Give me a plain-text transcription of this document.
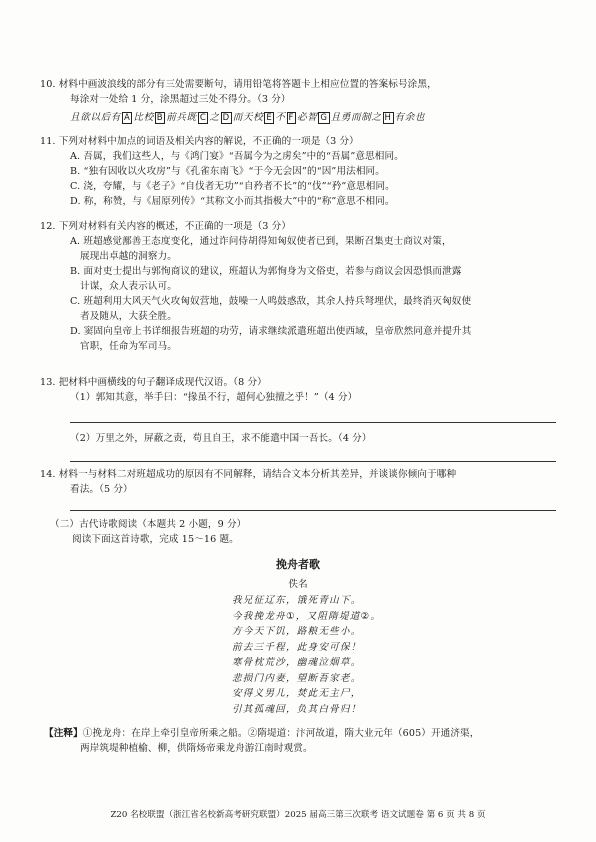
10. 材料中画波浪线的部分有三处需要断句，请用铅笔将答题卡上相应位置的答案标号涂黑，
每涂对一处给 1 分，涂黑超过三处不得分。（3 分）
且欲以后有 A 比校 B 前兵既 C 之 D 而天校 E 不 F 必智 G 且勇而制之 H 有余也
11. 下列对材料中加点的词语及相关内容的解说，不正确的一项是（3 分）
A. 吾属，我们这些人，与《鸿门宴》“吾属今为之虏矣”中的“吾属”意思相同。
B. “独有因收以火攻房”与《孔雀东南飞》“于今无会因”的“因”用法相同。
C. 浇，夸耀，与《老子》“自伐者无功”“自矜者不长”的“伐”“矜”意思相同。
D. 称，称赞，与《屈原列传》“其称文小而其指极大”中的“称”意思不相同。
12. 下列对材料有关内容的概述，不正确的一项是（3 分）
A. 班超感觉鄯善王态度变化，通过诈问侍胡得知匈奴使者已到，果断召集吏士商议对策，
展现出卓越的洞察力。
B. 面对吏士提出与郭恂商议的建议，班超认为郭恂身为文俗吏，若参与商议会因恐惧而泄露
计谋，众人表示认可。
C. 班超利用大风天气火攻匈奴营地，鼓噪一人鸣鼓惑敌，其余人持兵弩埋伏，最终消灭匈奴使
者及随从，大获全胜。
D. 窦固向皇帝上书详细报告班超的功劳，请求继续派遣班超出使西域，皇帝欣然同意并提升其
官职，任命为军司马。
13. 把材料中画横线的句子翻译成现代汉语。（8 分）
（1）郭知其意，举手曰：“掾虽不行，超何心独擅之乎！”（4 分）
（2）万里之外，屏蔽之责，苟且自王，求不能遣中国一吾长。（4 分）
14. 材料一与材料二对班超成功的原因有不同解释，请结合文本分析其差异，并谈谈你倾向于哪种
看法。（5 分）
（二）古代诗歌阅读（本题共 2 小题，9 分）
阅读下面这首诗歌，完成 15～16 题。
挽舟者歌
佚名
我兄征辽东，饿死青山下。
今我挽龙舟①，又阻隋堤道②。
方今天下饥，路粮无些小。
前去三千程，此身安可保！
寒骨枕荒沙，幽魂泣烟草。
悲损门内妻，望断吾家老。
安得义男儿，焚此无主尸，
引其孤魂回，负其白骨归！
【注释】①挽龙舟：在岸上牵引皇帝所乘之船。②隋堤道：汴河故道，隋大业元年（605）开通济渠，
两岸筑堤种植榆、柳，供隋炀帝乘龙舟游江南时观赏。
Z20 名校联盟（浙江省名校新高考研究联盟）2025 届高三第三次联考 语文试题卷 第 6 页 共 8 页
